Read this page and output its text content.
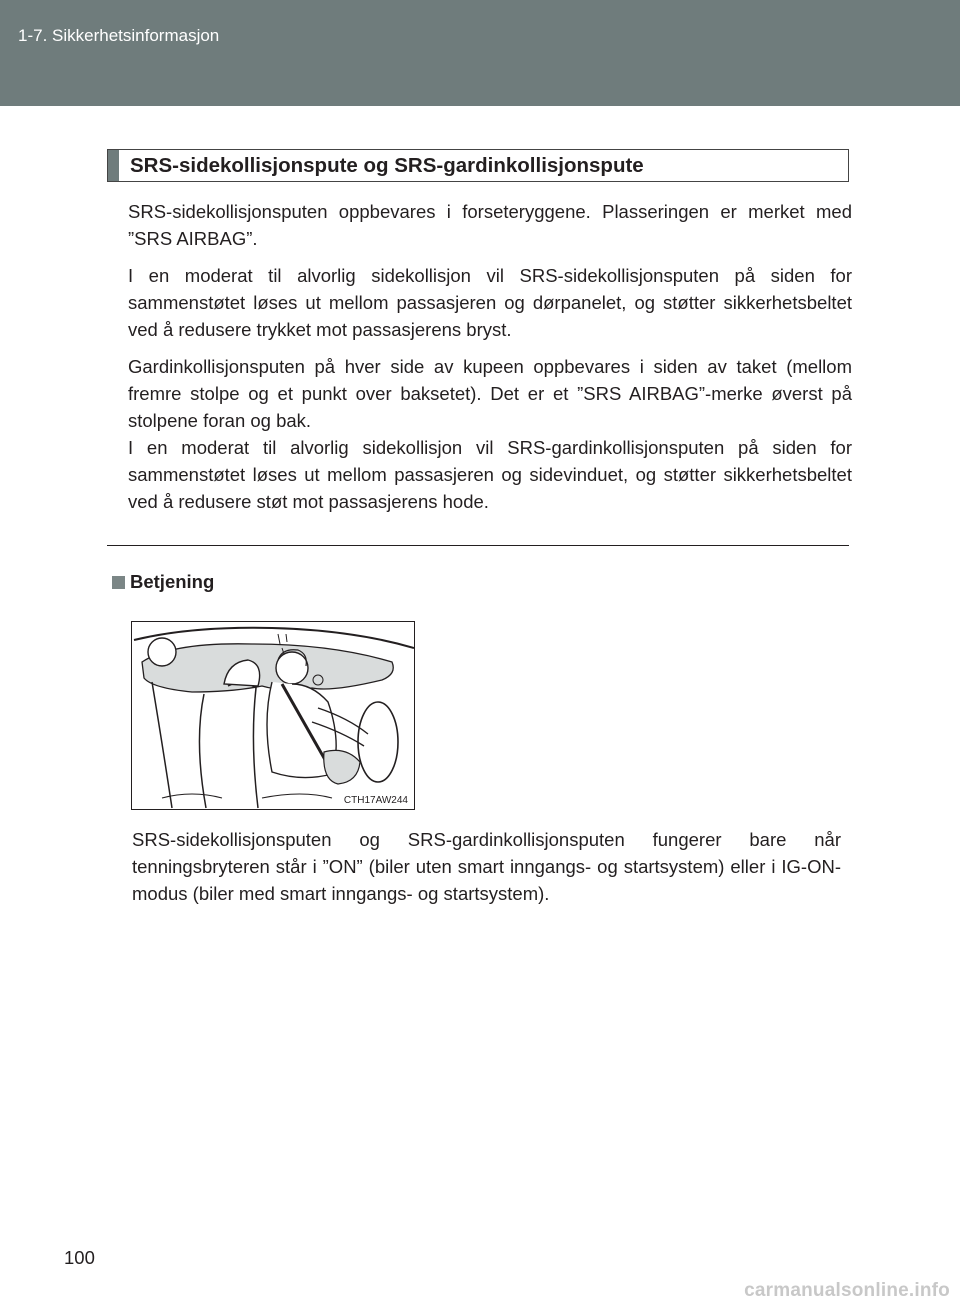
1-7. Sikkerhetsinformasjon
SRS-sidekollisjonspute og SRS-gardinkollisjonspute

SRS-sidekollisjonsputen oppbevares i forseteryggene. Plasseringen er merket med ”SRS AIRBAG”.

I en moderat til alvorlig sidekollisjon vil SRS-sidekollisjonsputen på siden for sammenstøtet løses ut mellom passasjeren og dørpanelet, og støtter sikkerhetsbeltet ved å redusere trykket mot passasjerens bryst.

Gardinkollisjonsputen på hver side av kupeen oppbevares i siden av taket (mellom fremre stolpe og et punkt over baksetet). Det er et ”SRS AIRBAG”-merke øverst på stolpene foran og bak.

I en moderat til alvorlig sidekollisjon vil SRS-gardinkollisjonsputen på siden for sammenstøtet løses ut mellom passasjeren og sidevinduet, og støtter sikkerhetsbeltet ved å redusere støt mot passasjerens hode.

Betjening
CTH17AW244

SRS-sidekollisjonsputen og SRS-gardinkollisjonsputen fungerer bare når tenningsbryteren står i ”ON” (biler uten smart inngangs- og startsystem) eller i IG-ON-modus (biler med smart inngangs- og startsystem).

100
carmanualsonline.info
